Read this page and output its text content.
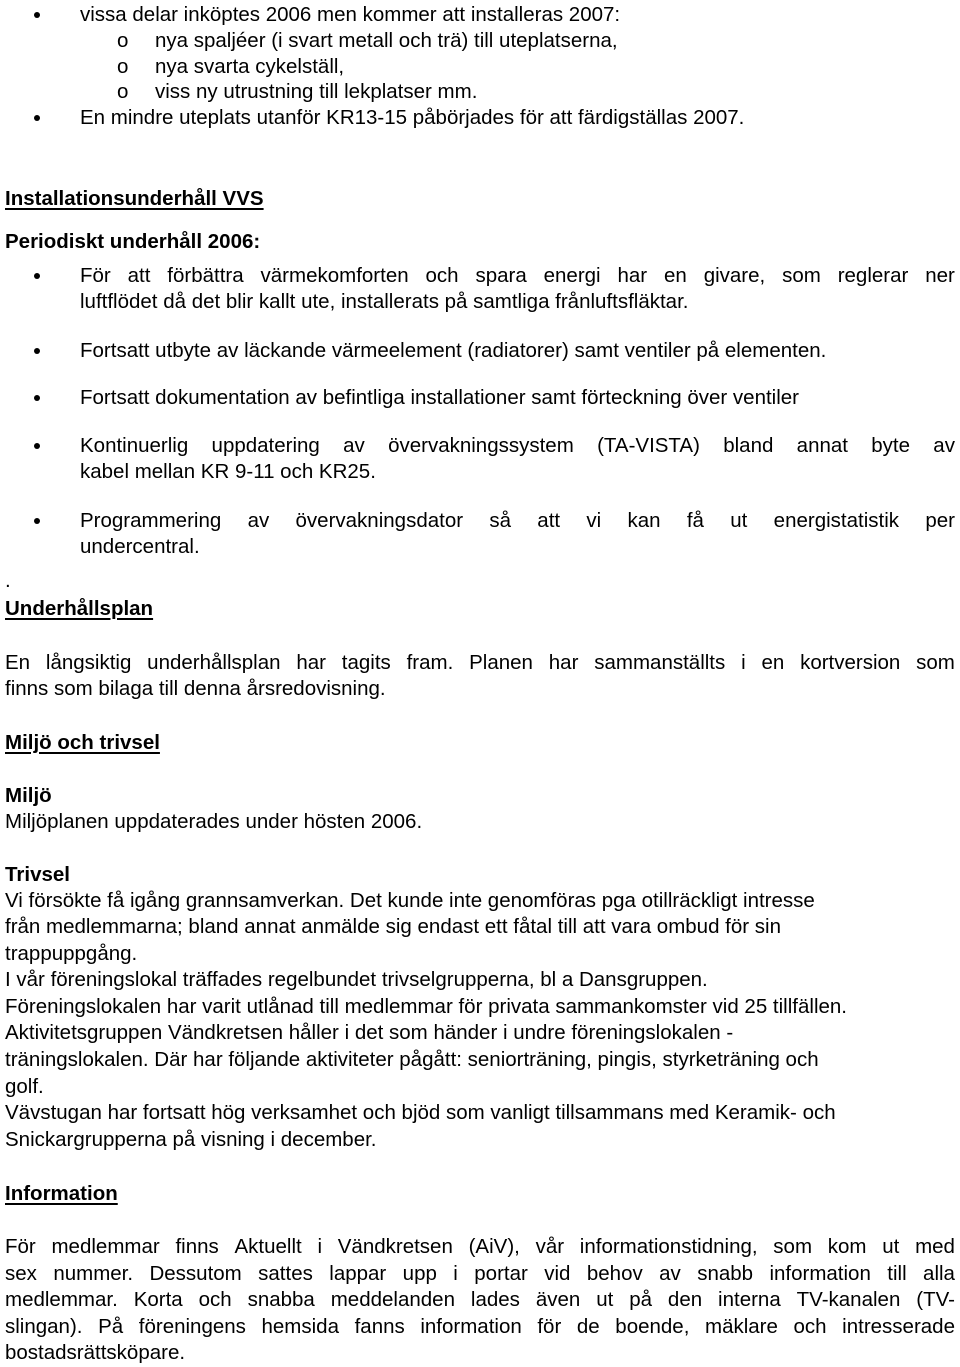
vissa delar inköptes 2006 men kommer att installeras 2007:

o nya spaljéer (i svart metall och trä) till uteplatserna,

o nya svarta cykelställ,

o viss ny utrustning till lekplatser mm.

En mindre uteplats utanför KR13-15 påbörjades för att färdigställas 2007.

Installationsunderhåll VVS

Periodiskt underhåll 2006:

För att förbättra värmekomforten och spara energi har en givare, som reglerar ner

luftflödet då det blir kallt ute, installerats på samtliga frånluftsfläktar.

Fortsatt utbyte av läckande värmeelement (radiatorer) samt ventiler på elementen.

Fortsatt dokumentation av befintliga installationer samt förteckning över ventiler

Kontinuerlig uppdatering av övervakningssystem (TA-VISTA) bland annat byte av

kabel mellan KR 9-11 och KR25.

Programmering av övervakningsdator så att vi kan få ut energistatistik per

undercentral.

.

Underhållsplan

En långsiktig underhållsplan har tagits fram. Planen har sammanställts i en kortversion som

finns som bilaga till denna årsredovisning.

Miljö och trivsel

Miljö

Miljöplanen uppdaterades under hösten 2006.

Trivsel

Vi försökte få igång grannsamverkan. Det kunde inte genomföras pga otillräckligt intresse

från medlemmarna; bland annat anmälde sig endast ett fåtal till att vara ombud för sin

trappuppgång.

I vår föreningslokal träffades regelbundet trivselgrupperna, bl a Dansgruppen.

Föreningslokalen har varit utlånad till medlemmar för privata sammankomster vid 25 tillfällen.

Aktivitetsgruppen Vändkretsen håller i det som händer i undre föreningslokalen -

träningslokalen. Där har följande aktiviteter pågått: seniorträning, pingis, styrketräning och

golf.

Vävstugan har fortsatt hög verksamhet och bjöd som vanligt tillsammans med Keramik- och

Snickargrupperna på visning i december.

Information

För medlemmar finns Aktuellt i Vändkretsen (AiV), vår informationstidning, som kom ut med
sex nummer. Dessutom sattes lappar upp i portar vid behov av snabb information till alla
medlemmar. Korta och snabba meddelanden lades även ut på den interna TV-kanalen (TV-
slingan). På föreningens hemsida fanns information för de boende, mäklare och intresserade

bostadsrättsköpare.
